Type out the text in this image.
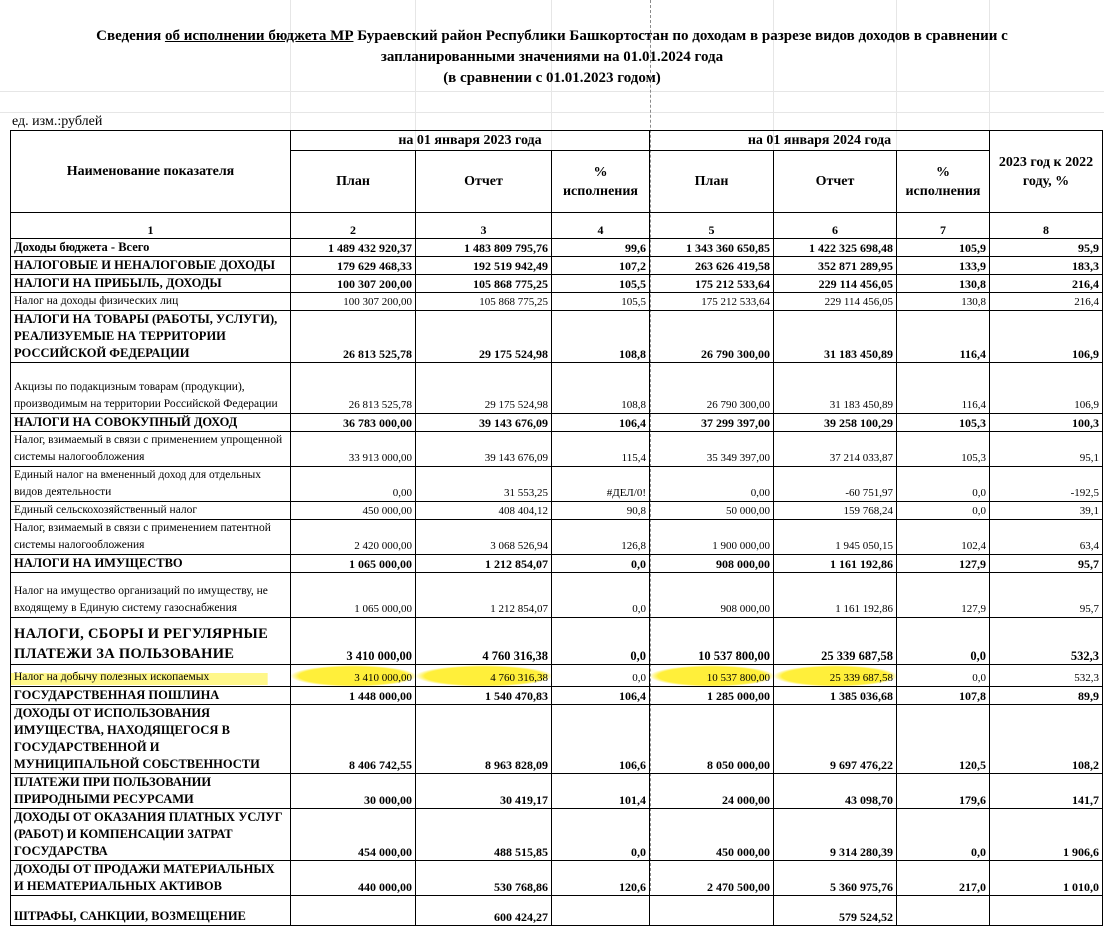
Сведения об исполнении бюджета МР Бураевский район Республики Башкортостан по доходам в разрезе видов доходов в сравнении с
запланированными значениями на 01.01.2024 года
(в сравнении с 01.01.2023 годом)
ед. изм.:рублей
Наименование показателя	на 01 января 2023 года			на 01 января 2024 года			2023 год к 2022 году, %
	План	Отчет	% исполнения	План	Отчет	% исполнения	
1	2	3	4	5	6	7	8
Доходы бюджета - Всего	1 489 432 920,37	1 483 809 795,76	99,6	1 343 360 650,85	1 422 325 698,48	105,9	95,9
НАЛОГОВЫЕ И НЕНАЛОГОВЫЕ ДОХОДЫ	179 629 468,33	192 519 942,49	107,2	263 626 419,58	352 871 289,95	133,9	183,3
НАЛОГИ НА ПРИБЫЛЬ, ДОХОДЫ	100 307 200,00	105 868 775,25	105,5	175 212 533,64	229 114 456,05	130,8	216,4
Налог на доходы физических лиц	100 307 200,00	105 868 775,25	105,5	175 212 533,64	229 114 456,05	130,8	216,4
НАЛОГИ НА ТОВАРЫ (РАБОТЫ, УСЛУГИ), РЕАЛИЗУЕМЫЕ НА ТЕРРИТОРИИ РОССИЙСКОЙ ФЕДЕРАЦИИ	26 813 525,78	29 175 524,98	108,8	26 790 300,00	31 183 450,89	116,4	106,9
Акцизы по подакцизным товарам (продукции), производимым на территории Российской Федерации	26 813 525,78	29 175 524,98	108,8	26 790 300,00	31 183 450,89	116,4	106,9
НАЛОГИ НА СОВОКУПНЫЙ ДОХОД	36 783 000,00	39 143 676,09	106,4	37 299 397,00	39 258 100,29	105,3	100,3
Налог, взимаемый в связи с применением упрощенной системы налогообложения	33 913 000,00	39 143 676,09	115,4	35 349 397,00	37 214 033,87	105,3	95,1
Единый налог на вмененный доход для отдельных видов деятельности	0,00	31 553,25	#ДЕЛ/0!	0,00	-60 751,97	0,0	-192,5
Единый сельскохозяйственный налог	450 000,00	408 404,12	90,8	50 000,00	159 768,24	0,0	39,1
Налог, взимаемый в связи с применением патентной системы налогообложения	2 420 000,00	3 068 526,94	126,8	1 900 000,00	1 945 050,15	102,4	63,4
НАЛОГИ НА ИМУЩЕСТВО	1 065 000,00	1 212 854,07	0,0	908 000,00	1 161 192,86	127,9	95,7
Налог на имущество организаций по имуществу, не входящему в Единую систему газоснабжения	1 065 000,00	1 212 854,07	0,0	908 000,00	1 161 192,86	127,9	95,7
НАЛОГИ, СБОРЫ И РЕГУЛЯРНЫЕ ПЛАТЕЖИ ЗА ПОЛЬЗОВАНИЕ	3 410 000,00	4 760 316,38	0,0	10 537 800,00	25 339 687,58	0,0	532,3
Налог на добычу полезных ископаемых	3 410 000,00	4 760 316,38	0,0	10 537 800,00	25 339 687,58	0,0	532,3
ГОСУДАРСТВЕННАЯ ПОШЛИНА	1 448 000,00	1 540 470,83	106,4	1 285 000,00	1 385 036,68	107,8	89,9
ДОХОДЫ ОТ ИСПОЛЬЗОВАНИЯ ИМУЩЕСТВА, НАХОДЯЩЕГОСЯ В ГОСУДАРСТВЕННОЙ И МУНИЦИПАЛЬНОЙ СОБСТВЕННОСТИ	8 406 742,55	8 963 828,09	106,6	8 050 000,00	9 697 476,22	120,5	108,2
ПЛАТЕЖИ ПРИ ПОЛЬЗОВАНИИ ПРИРОДНЫМИ РЕСУРСАМИ	30 000,00	30 419,17	101,4	24 000,00	43 098,70	179,6	141,7
ДОХОДЫ ОТ ОКАЗАНИЯ ПЛАТНЫХ УСЛУГ (РАБОТ) И КОМПЕНСАЦИИ ЗАТРАТ ГОСУДАРСТВА	454 000,00	488 515,85	0,0	450 000,00	9 314 280,39	0,0	1 906,6
ДОХОДЫ ОТ ПРОДАЖИ МАТЕРИАЛЬНЫХ И НЕМАТЕРИАЛЬНЫХ АКТИВОВ	440 000,00	530 768,86	120,6	2 470 500,00	5 360 975,76	217,0	1 010,0
ШТРАФЫ, САНКЦИИ, ВОЗМЕЩЕНИЕ		600 424,27			579 524,52		
